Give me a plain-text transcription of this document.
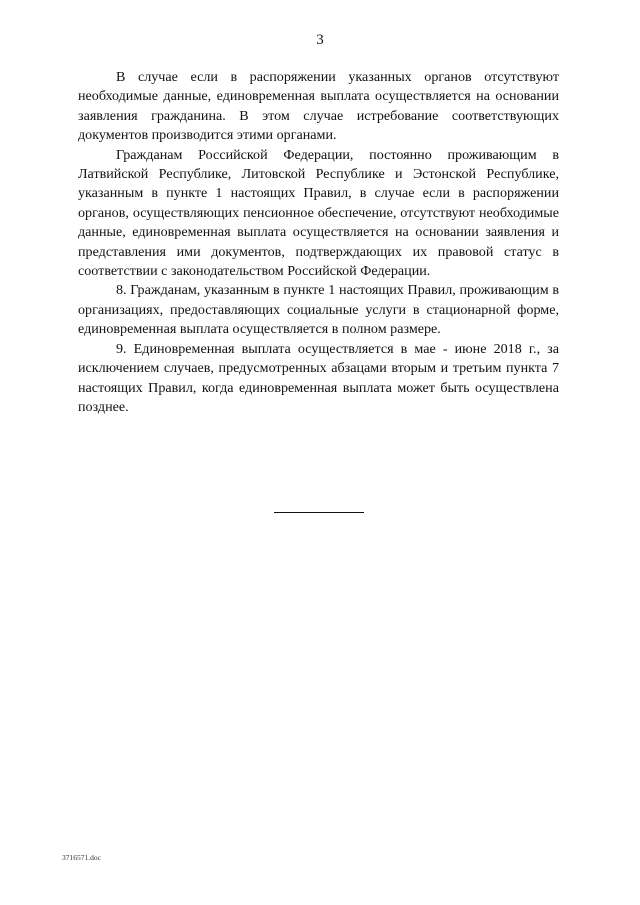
3

В случае если в распоряжении указанных органов отсутствуют необходимые данные, единовременная выплата осуществляется на основании заявления гражданина. В этом случае истребование соответствующих документов производится этими органами.

Гражданам Российской Федерации, постоянно проживающим в Латвийской Республике, Литовской Республике и Эстонской Республике, указанным в пункте 1 настоящих Правил, в случае если в распоряжении органов, осуществляющих пенсионное обеспечение, отсутствуют необходимые данные, единовременная выплата осуществляется на основании заявления и представления ими документов, подтверждающих их правовой статус в соответствии с законодательством Российской Федерации.

8. Гражданам, указанным в пункте 1 настоящих Правил, проживающим в организациях, предоставляющих социальные услуги в стационарной форме, единовременная выплата осуществляется в полном размере.

9. Единовременная выплата осуществляется в мае - июне 2018 г., за исключением случаев, предусмотренных абзацами вторым и третьим пункта 7 настоящих Правил, когда единовременная выплата может быть осуществлена позднее.

3716571.doc
